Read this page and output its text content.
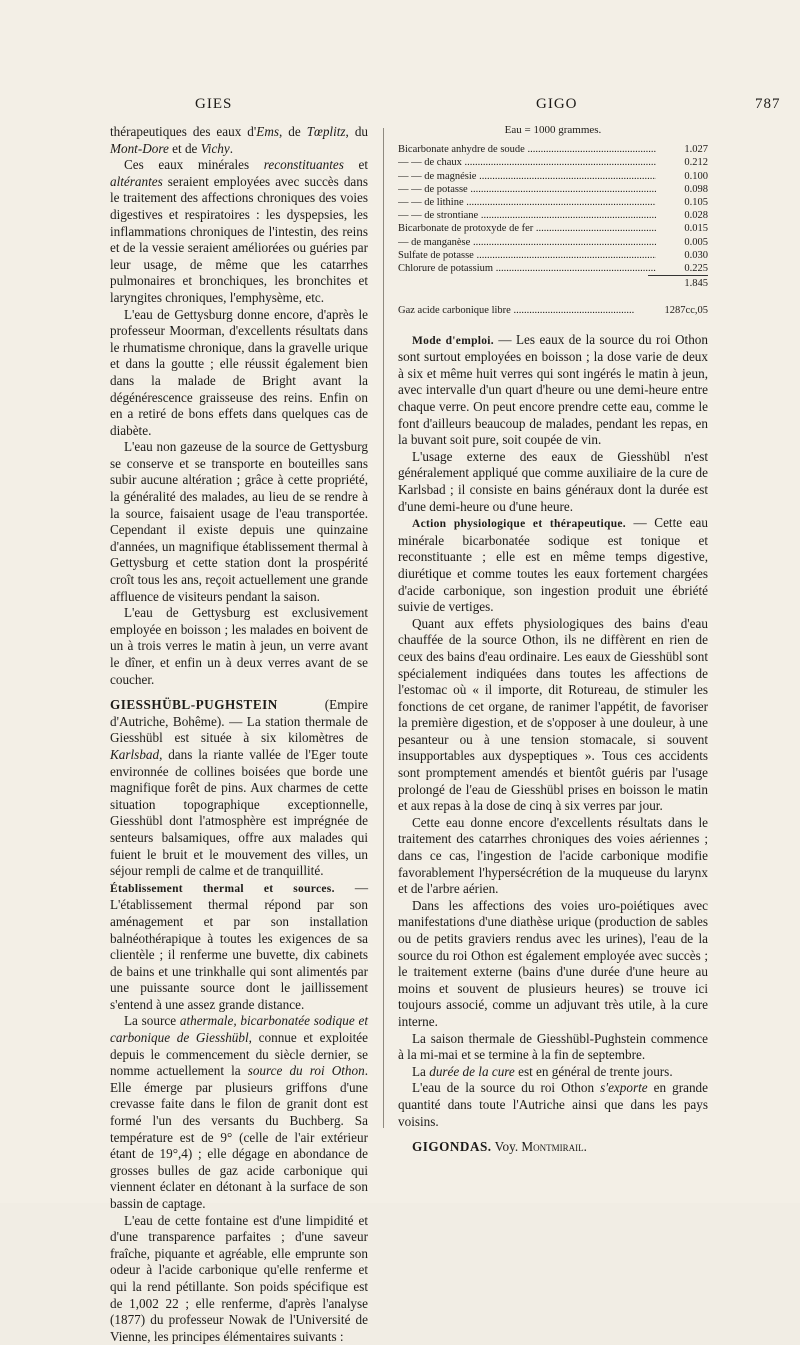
GIES	GIGO	787

thérapeutiques des eaux d'Ems, de Tœplitz, du Mont-Dore et de Vichy.

Ces eaux minérales reconstituantes et altérantes seraient employées avec succès dans le traitement des affections chroniques des voies digestives et respiratoires : les dyspepsies, les inflammations chroniques de l'intestin, des reins et de la vessie seraient améliorées ou guéries par leur usage, de même que les catarrhes pulmonaires et bronchiques, les bronchites et laryngites chroniques, l'emphysème, etc.

L'eau de Gettysburg donne encore, d'après le professeur Moorman, d'excellents résultats dans le rhumatisme chronique, dans la gravelle urique et dans la goutte ; elle réussit également bien dans la malade de Bright avant la dégénérescence graisseuse des reins. Enfin on en a retiré de bons effets dans quelques cas de diabète.

L'eau non gazeuse de la source de Gettysburg se conserve et se transporte en bouteilles sans subir aucune altération ; grâce à cette propriété, la généralité des malades, au lieu de se rendre à la source, faisaient usage de l'eau transportée. Cependant il existe depuis une quinzaine d'années, un magnifique établissement thermal à Gettysburg et cette station dont la prospérité croît tous les ans, reçoit actuellement une grande affluence de visiteurs pendant la saison.

L'eau de Gettysburg est exclusivement employée en boisson ; les malades en boivent de un à trois verres le matin à jeun, un verre avant le dîner, et enfin un à deux verres avant de se coucher.

GIESSHÜBL-PUGHSTEIN (Empire d'Autriche, Bohême). — La station thermale de Giesshübl est située à six kilomètres de Karlsbad, dans la riante vallée de l'Eger toute environnée de collines boisées que borde une magnifique forêt de pins. Aux charmes de cette situation topographique exceptionnelle, Giesshübl dont l'atmosphère est imprégnée de senteurs balsamiques, offre aux malades qui fuient le bruit et le mouvement des villes, un séjour rempli de calme et de tranquillité.

Établissement thermal et sources. — L'établissement thermal répond par son aménagement et par son installation balnéothérapique à toutes les exigences de sa clientèle ; il renferme une buvette, dix cabinets de bains et une trinkhalle qui sont alimentés par une puissante source dont le jaillissement s'entend à une assez grande distance.

La source athermale, bicarbonatée sodique et carbonique de Giesshübl, connue et exploitée depuis le commencement du siècle dernier, se nomme actuellement la source du roi Othon. Elle émerge par plusieurs griffons d'une crevasse faite dans le filon de granit dont est formé l'un des versants du Buchberg. Sa température est de 9° (celle de l'air extérieur étant de 19°,4) ; elle dégage en abondance de grosses bulles de gaz acide carbonique qui viennent éclater en détonant à la surface de son bassin de captage.

L'eau de cette fontaine est d'une limpidité et d'une transparence parfaites ; d'une saveur fraîche, piquante et agréable, elle emprunte son odeur à l'acide carbonique qu'elle renferme et qui la rend pétillante. Son poids spécifique est de 1,002 22 ; elle renferme, d'après l'analyse (1877) du professeur Nowak de l'Université de Vienne, les principes élémentaires suivants :

Eau = 1000 grammes.
Bicarbonate anhydre de soude .....	1.027
— — de chaux .....	0.212
— — de magnésie .....	0.100
— — de potasse .....	0.098
— — de lithine .....	0.105
— — de strontiane .....	0.028
Bicarbonate de protoxyde de fer .....	0.015
— de manganèse .....	0.005
Sulfate de potasse .....	0.030
Chlorure de potassium .....	0.225
1.845
Gaz acide carbonique libre .....	1287cc,05

Mode d'emploi. — Les eaux de la source du roi Othon sont surtout employées en boisson ; la dose varie de deux à six et même huit verres qui sont ingérés le matin à jeun, avec intervalle d'un quart d'heure ou une demi-heure entre chaque verre. On peut encore prendre cette eau, comme le font d'ailleurs beaucoup de malades, pendant les repas, en la buvant soit pure, soit coupée de vin.

L'usage externe des eaux de Giesshübl n'est généralement appliqué que comme auxiliaire de la cure de Karlsbad ; il consiste en bains généraux dont la durée est d'une demi-heure ou d'une heure.

Action physiologique et thérapeutique. — Cette eau minérale bicarbonatée sodique est tonique et reconstituante ; elle est en même temps digestive, diurétique et comme toutes les eaux fortement chargées d'acide carbonique, son ingestion produit une ébriété suivie de vertiges.

Quant aux effets physiologiques des bains d'eau chauffée de la source Othon, ils ne diffèrent en rien de ceux des bains d'eau ordinaire. Les eaux de Giesshübl sont spécialement indiquées dans toutes les affections de l'estomac où « il importe, dit Rotureau, de stimuler les fonctions de cet organe, de ranimer l'appétit, de favoriser la première digestion, et de s'opposer à une douleur, à une pesanteur ou à une tension stomacale, si souvent insupportables aux dyspeptiques ». Tous ces accidents sont promptement amendés et bientôt guéris par l'usage prolongé de l'eau de Giesshübl prises en boisson le matin et aux repas à la dose de cinq à six verres par jour.

Cette eau donne encore d'excellents résultats dans le traitement des catarrhes chroniques des voies aériennes ; dans ce cas, l'ingestion de l'acide carbonique modifie favorablement l'hypersécrétion de la muqueuse du larynx et de l'arbre aérien.

Dans les affections des voies uro-poiétiques avec manifestations d'une diathèse urique (production de sables ou de petits graviers rendus avec les urines), l'eau de la source du roi Othon est également employée avec succès ; le traitement externe (bains d'une durée d'une heure au moins et souvent de plusieurs heures) se trouve ici toujours associé, comme un adjuvant très utile, à la cure interne.

La saison thermale de Giesshübl-Pughstein commence à la mi-mai et se termine à la fin de septembre.

La durée de la cure est en général de trente jours.

L'eau de la source du roi Othon s'exporte en grande quantité dans toute l'Autriche ainsi que dans les pays voisins.

GIGONDAS. Voy. Montmirail.
